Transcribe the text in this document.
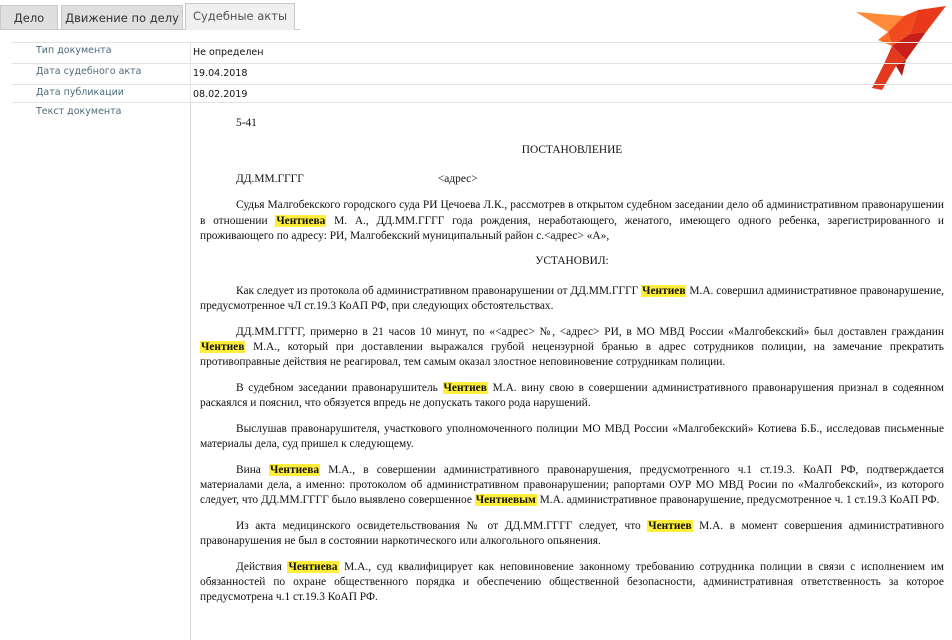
Дело	Движение по делу	Судебные акты
Тип документа	Не определен
Дата судебного акта	19.04.2018
Дата публикации	08.02.2019
Текст документа

5-41

ПОСТАНОВЛЕНИЕ

ДД.ММ.ГГГГ	<адрес>

Судья Малгобекского городского суда РИ Цечоева Л.К., рассмотрев в открытом судебном заседании дело об административном правонарушении в отношении Чентиева М. А., ДД.ММ.ГГГГ года рождения, неработающего, женатого, имеющего одного ребенка, зарегистрированного и проживающего по адресу: РИ, Малгобекский муниципальный район с.<адрес> «А»,

УСТАНОВИЛ:

Как следует из протокола об административном правонарушении от ДД.ММ.ГГГГ Чентиев М.А. совершил административное правонарушение, предусмотренное чЛ ст.19.3 КоАП РФ, при следующих обстоятельствах.

ДД.ММ.ГГГГ, примерно в 21 часов 10 минут, по «<адрес> №, <адрес> РИ, в МО МВД России «Малгобекский» был доставлен гражданин Чентиев М.А., который при доставлении выражался грубой нецензурной бранью в адрес сотрудников полиции, на замечание прекратить противоправные действия не реагировал, тем самым оказал злостное неповиновение сотрудникам полиции.

В судебном заседании правонарушитель Чентиев М.А. вину свою в совершении административного правонарушения признал в содеянном раскаялся и пояснил, что обязуется впредь не допускать такого рода нарушений.

Выслушав правонарушителя, участкового уполномоченного полиции МО МВД России «Малгобекский» Котиева Б.Б., исследовав письменные материалы дела, суд пришел к следующему.

Вина Чентиева М.А., в совершении административного правонарушения, предусмотренного ч.1 ст.19.3. КоАП РФ, подтверждается материалами дела, а именно: протоколом об административном правонарушении; рапортами ОУР МО МВД Росии по «Малгобекский», из которого следует, что ДД.ММ.ГГГГ было выявлено совершенное Чентиевым М.А. административное правонарушение, предусмотренное ч. 1 ст.19.3 КоАП РФ.

Из акта медицинского освидетельствования № от ДД.ММ.ГГГГ следует, что Чентиев М.А. в момент совершения административного правонарушения не был в состоянии наркотического или алкогольного опьянения.

Действия Чентиева М.А., суд квалифицирует как неповиновение законному требованию сотрудника полиции в связи с исполнением им обязанностей по охране общественного порядка и обеспечению общественной безопасности, административная ответственность за которое предусмотрена ч.1 ст.19.3 КоАП РФ.
